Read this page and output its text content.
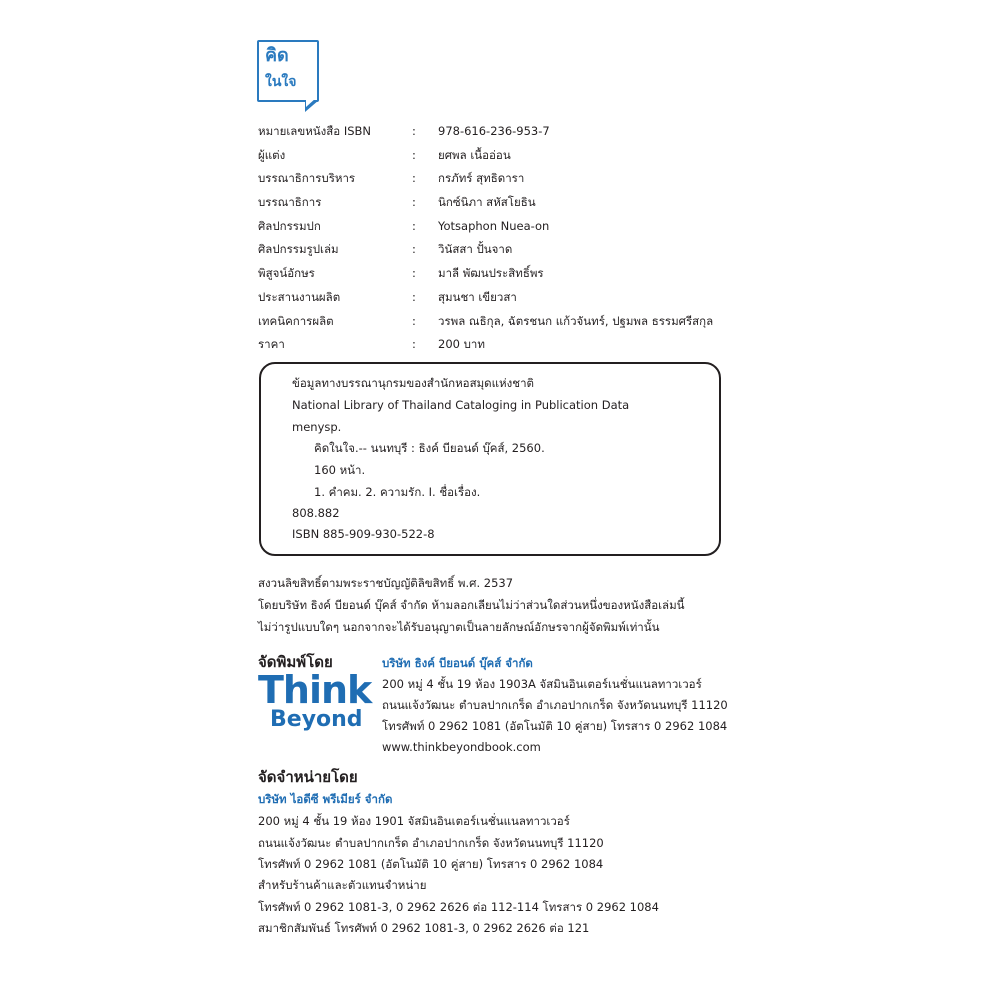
คิด
ในใจ
หมายเลขหนังสือ ISBN	: 978-616-236-953-7
ผู้แต่ง	: ยศพล เนื้ออ่อน
บรรณาธิการบริหาร	: กรภัทร์ สุทธิดารา
บรรณาธิการ	: นิกซ์นิภา สหัสโยธิน
ศิลปกรรมปก	: Yotsaphon Nuea-on
ศิลปกรรมรูปเล่ม	: วินัสสา ปั้นจาด
พิสูจน์อักษร	: มาลี พัฒนประสิทธิ์พร
ประสานงานผลิต	: สุมนชา เขียวสา
เทคนิคการผลิต	: วรพล ณธิกุล, ฉัตรชนก แก้วจันทร์, ปฐมพล ธรรมศรีสกุล
ราคา	: 200 บาท
ข้อมูลทางบรรณานุกรมของสำนักหอสมุดแห่งชาติ
National Library of Thailand Cataloging in Publication Data
menysp.
คิดในใจ.-- นนทบุรี : ธิงค์ บียอนด์ บุ๊คส์, 2560.
160 หน้า.
1. คำคม. 2. ความรัก. I. ชื่อเรื่อง.
808.882
ISBN 885-909-930-522-8
สงวนลิขสิทธิ์ตามพระราชบัญญัติลิขสิทธิ์ พ.ศ. 2537
โดยบริษัท ธิงค์ บียอนด์ บุ๊คส์ จำกัด ห้ามลอกเลียนไม่ว่าส่วนใดส่วนหนึ่งของหนังสือเล่มนี้
ไม่ว่ารูปแบบใดๆ นอกจากจะได้รับอนุญาตเป็นลายลักษณ์อักษรจากผู้จัดพิมพ์เท่านั้น
จัดพิมพ์โดย
Think
Beyond
บริษัท ธิงค์ บียอนด์ บุ๊คส์ จำกัด
200 หมู่ 4 ชั้น 19 ห้อง 1903A จัสมินอินเตอร์เนชั่นแนลทาวเวอร์
ถนนแจ้งวัฒนะ ตำบลปากเกร็ด อำเภอปากเกร็ด จังหวัดนนทบุรี 11120
โทรศัพท์ 0 2962 1081 (อัตโนมัติ 10 คู่สาย) โทรสาร 0 2962 1084
www.thinkbeyondbook.com
จัดจำหน่ายโดย
บริษัท ไอดีซี พรีเมียร์ จำกัด
200 หมู่ 4 ชั้น 19 ห้อง 1901 จัสมินอินเตอร์เนชั่นแนลทาวเวอร์
ถนนแจ้งวัฒนะ ตำบลปากเกร็ด อำเภอปากเกร็ด จังหวัดนนทบุรี 11120
โทรศัพท์ 0 2962 1081 (อัตโนมัติ 10 คู่สาย) โทรสาร 0 2962 1084
สำหรับร้านค้าและตัวแทนจำหน่าย
โทรศัพท์ 0 2962 1081-3, 0 2962 2626 ต่อ 112-114 โทรสาร 0 2962 1084
สมาชิกสัมพันธ์ โทรศัพท์ 0 2962 1081-3, 0 2962 2626 ต่อ 121
